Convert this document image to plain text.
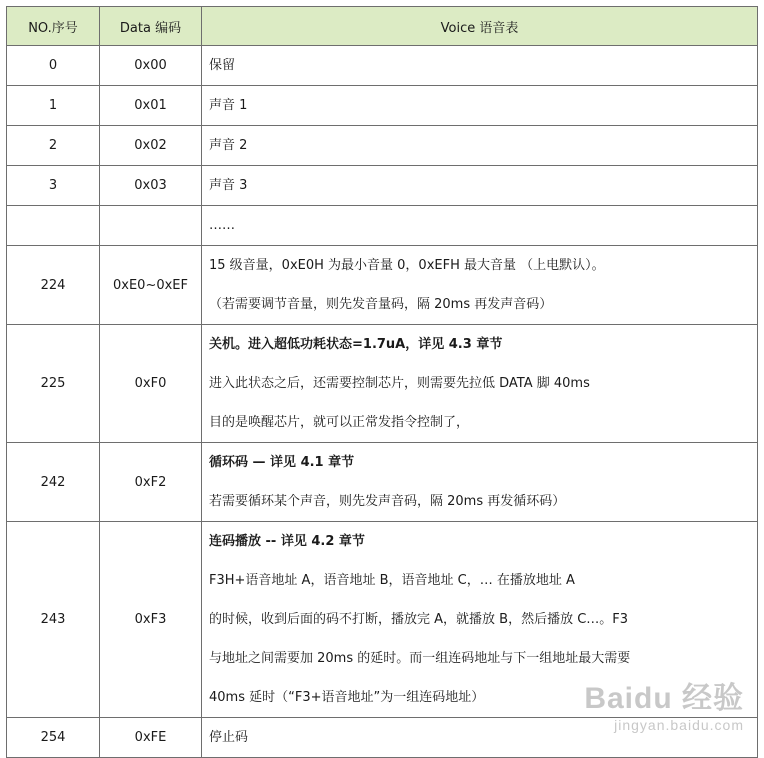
NO.序号	Data 编码	Voice 语音表
0	0x00	保留

1	0x01	声音 1

2	0x02	声音 2

3	0x03	声音 3

		……

224	0xE0~0xEF	15 级音量，0xE0H 为最小音量 0，0xEFH 最大音量 （上电默认）。
（若需要调节音量，则先发音量码，隔 20ms 再发声音码）

225	0xF0	关机。进入超低功耗状态=1.7uA，详见 4.3 章节
进入此状态之后，还需要控制芯片，则需要先拉低 DATA 脚 40ms
目的是唤醒芯片，就可以正常发指令控制了，

242	0xF2	循环码 — 详见 4.1 章节
若需要循环某个声音，则先发声音码，隔 20ms 再发循环码）

243	0xF3	连码播放 -- 详见 4.2 章节
F3H+语音地址 A，语音地址 B，语音地址 C，… 在播放地址 A
的时候，收到后面的码不打断，播放完 A，就播放 B，然后播放 C…。F3
与地址之间需要加 20ms 的延时。而一组连码地址与下一组地址最大需要
40ms 延时（“F3+语音地址”为一组连码地址）

254	0xFE	停止码
Baidu 经验
jingyan.baidu.com
